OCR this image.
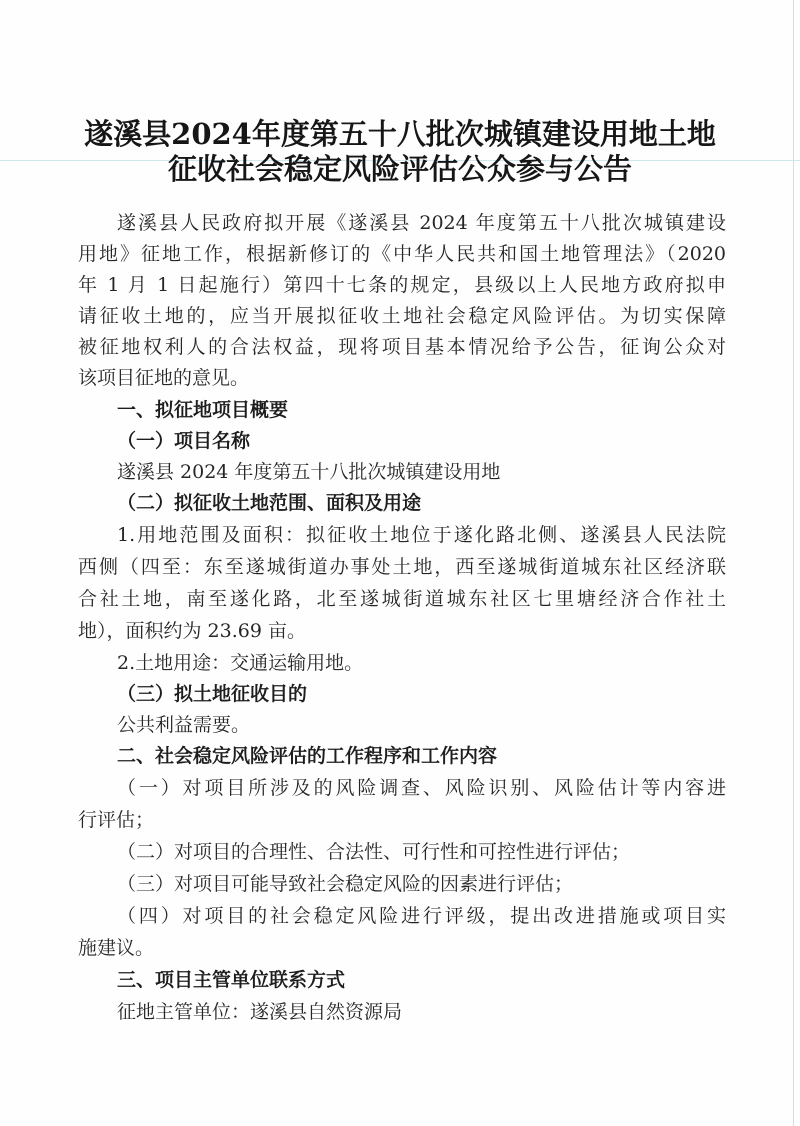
遂溪县2024年度第五十八批次城镇建设用地土地
征收社会稳定风险评估公众参与公告
遂溪县人民政府拟开展《遂溪县 2024 年度第五十八批次城镇建设
用地》征地工作，根据新修订的《中华人民共和国土地管理法》（2020
年 1 月 1 日起施行）第四十七条的规定，县级以上人民地方政府拟申
请征收土地的，应当开展拟征收土地社会稳定风险评估。为切实保障
被征地权利人的合法权益，现将项目基本情况给予公告，征询公众对
该项目征地的意见。
一、拟征地项目概要
（一）项目名称
遂溪县 2024 年度第五十八批次城镇建设用地
（二）拟征收土地范围、面积及用途
1.用地范围及面积：拟征收土地位于遂化路北侧、遂溪县人民法院
西侧（四至：东至遂城街道办事处土地，西至遂城街道城东社区经济联
合社土地，南至遂化路，北至遂城街道城东社区七里塘经济合作社土
地），面积约为 23.69 亩。
2.土地用途：交通运输用地。
（三）拟土地征收目的
公共利益需要。
二、社会稳定风险评估的工作程序和工作内容
（一）对项目所涉及的风险调查、风险识别、风险估计等内容进
行评估；
（二）对项目的合理性、合法性、可行性和可控性进行评估；
（三）对项目可能导致社会稳定风险的因素进行评估；
（四）对项目的社会稳定风险进行评级，提出改进措施或项目实
施建议。
三、项目主管单位联系方式
征地主管单位：遂溪县自然资源局
